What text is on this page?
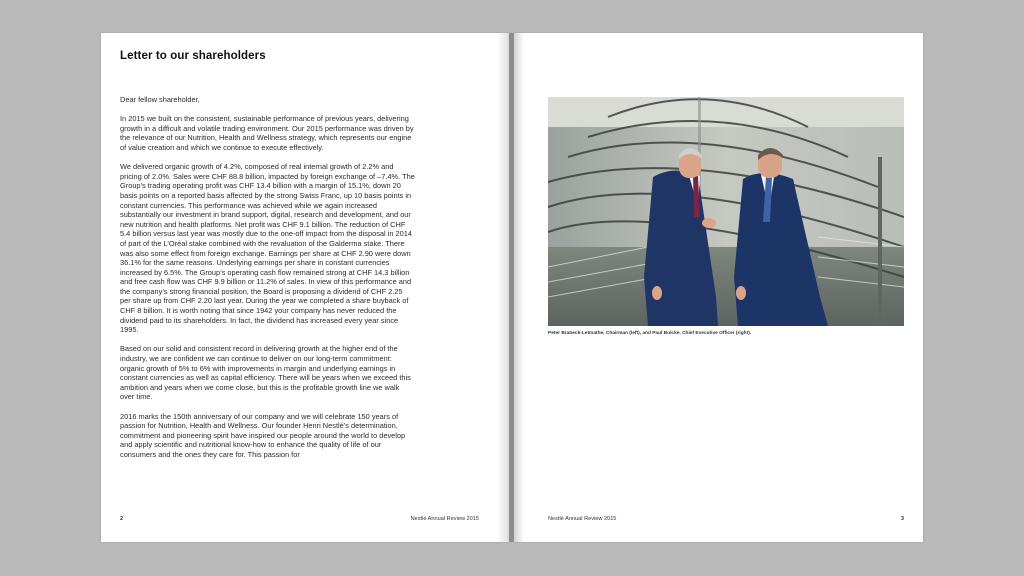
Letter to our shareholders

Dear fellow shareholder,

In 2015 we built on the consistent, sustainable performance of previous years, delivering growth in a difficult and volatile trading environment. Our 2015 performance was driven by the relevance of our Nutrition, Health and Wellness strategy, which represents our engine of value creation and which we continue to execute effectively.

We delivered organic growth of 4.2%, composed of real internal growth of 2.2% and pricing of 2.0%. Sales were CHF 88.8 billion, impacted by foreign exchange of –7.4%. The Group’s trading operating profit was CHF 13.4 billion with a margin of 15.1%, down 20 basis points on a reported basis affected by the strong Swiss Franc, up 10 basis points in constant currencies. This performance was achieved while we again increased substantially our investment in brand support, digital, research and development, and our new nutrition and health platforms. Net profit was CHF 9.1 billion. The reduction of CHF 5.4 billion versus last year was mostly due to the one-off impact from the disposal in 2014 of part of the L’Oréal stake combined with the revaluation of the Galderma stake. There was also some effect from foreign exchange. Earnings per share at CHF 2.90 were down 36.1% for the same reasons. Underlying earnings per share in constant currencies increased by 6.5%. The Group’s operating cash flow remained strong at CHF 14.3 billion and free cash flow was CHF 9.9 billion or 11.2% of sales. In view of this performance and the company’s strong financial position, the Board is proposing a dividend of CHF 2.25 per share up from CHF 2.20 last year. During the year we completed a share buyback of CHF 8 billion. It is worth noting that since 1942 your company has never reduced the dividend paid to its shareholders. In fact, the dividend has increased every year since 1995.

Based on our solid and consistent record in delivering growth at the higher end of the industry, we are confident we can continue to deliver on our long-term commitment: organic growth of 5% to 6% with improvements in margin and underlying earnings in constant currencies as well as capital efficiency. There will be years when we exceed this ambition and years when we come close, but this is the profitable growth line we walk over time.

2016 marks the 150th anniversary of our company and we will celebrate 150 years of passion for Nutrition, Health and Wellness. Our founder Henri Nestlé’s determination, commitment and pioneering spirit have inspired our people around the world to develop and apply scientific and nutritional know-how to enhance the quality of life of our consumers and the ones they care for. This passion for

2	Nestlé Annual Review 2015
Peter Brabeck-Letmathe, Chairman (left), and Paul Bulcke, Chief Executive Officer (right).
Nestlé Annual Review 2015	3
